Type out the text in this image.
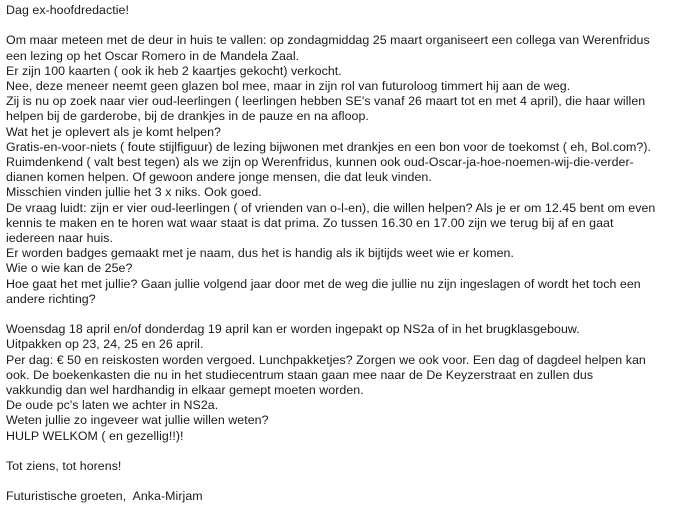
Dag ex-hoofdredactie!
Om maar meteen met de deur in huis te vallen: op zondagmiddag 25 maart organiseert een collega van Werenfridus
een lezing op het Oscar Romero in de Mandela Zaal.
Er zijn 100 kaarten ( ook ik heb 2 kaartjes gekocht) verkocht.
Nee, deze meneer neemt geen glazen bol mee, maar in zijn rol van futuroloog timmert hij aan de weg.
Zij is nu op zoek naar vier oud-leerlingen ( leerlingen hebben SE's vanaf 26 maart tot en met 4 april), die haar willen
helpen bij de garderobe, bij de drankjes in de pauze en na afloop.
Wat het je oplevert als je komt helpen?
Gratis-en-voor-niets ( foute stijlfiguur) de lezing bijwonen met drankjes en een bon voor de toekomst ( eh, Bol.com?).
Ruimdenkend ( valt best tegen) als we zijn op Werenfridus, kunnen ook oud-Oscar-ja-hoe-noemen-wij-die-verder-
dianen komen helpen. Of gewoon andere jonge mensen, die dat leuk vinden.
Misschien vinden jullie het 3 x niks. Ook goed.
De vraag luidt: zijn er vier oud-leerlingen ( of vrienden van o-l-en), die willen helpen? Als je er om 12.45 bent om even
kennis te maken en te horen wat waar staat is dat prima. Zo tussen 16.30 en 17.00 zijn we terug bij af en gaat
iedereen naar huis.
Er worden badges gemaakt met je naam, dus het is handig als ik bijtijds weet wie er komen.
Wie o wie kan de 25e?
Hoe gaat het met jullie? Gaan jullie volgend jaar door met de weg die jullie nu zijn ingeslagen of wordt het toch een
andere richting?
Woensdag 18 april en/of donderdag 19 april kan er worden ingepakt op NS2a of in het brugklasgebouw.
Uitpakken op 23, 24, 25 en 26 april.
Per dag: € 50 en reiskosten worden vergoed. Lunchpakketjes? Zorgen we ook voor. Een dag of dagdeel helpen kan
ook. De boekenkasten die nu in het studiecentrum staan gaan mee naar de De Keyzerstraat en zullen dus
vakkundig dan wel hardhandig in elkaar gemept moeten worden.
De oude pc's laten we achter in NS2a.
Weten jullie zo ingeveer wat jullie willen weten?
HULP WELKOM ( en gezellig!!)!
Tot ziens, tot horens!
Futuristische groeten,  Anka-Mirjam
